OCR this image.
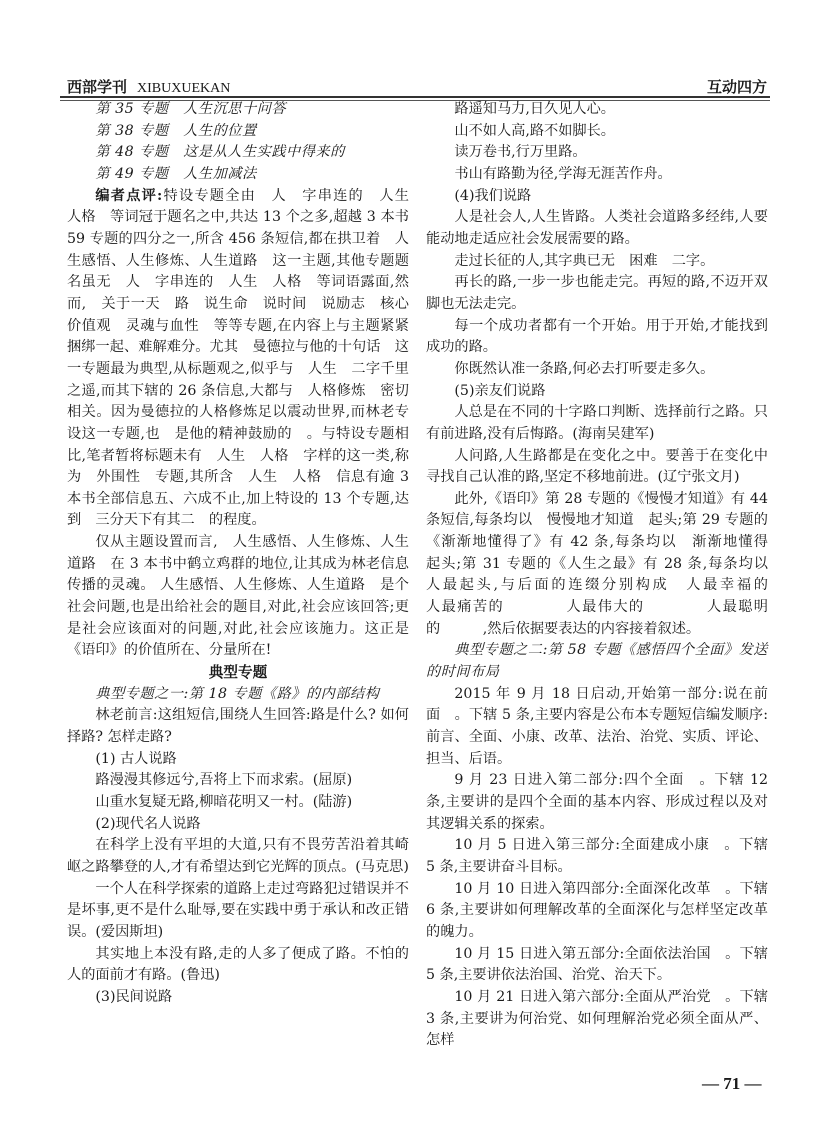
西部学刊 XIBUXUEKAN	互动四方

第 35 专题　人生沉思十问答

第 38 专题　人生的位置

第 48 专题　这是从人生实践中得来的

第 49 专题　人生加减法

编者点评:特设专题全由　人　字串连的　人生　人格　等词冠于题名之中,共达 13 个之多,超越 3 本书 59 专题的四分之一,所含 456 条短信,都在拱卫着　人生感悟、人生修炼、人生道路　这一主题,其他专题题名虽无　人　字串连的　人生　人格　等词语露面,然而,　关于一天　路　说生命　说时间　说励志　核心价值观　灵魂与血性　等等专题,在内容上与主题紧紧捆绑一起、难解难分。尤其　曼德拉与他的十句话　这一专题最为典型,从标题观之,似乎与　人生　二字千里之遥,而其下辖的 26 条信息,大都与　人格修炼　密切相关。因为曼德拉的人格修炼足以震动世界,而林老专设这一专题,也　是他的精神鼓励的　。与特设专题相比,笔者暂将标题未有　人生　人格　字样的这一类,称为　外围性　专题,其所含　人生　人格　信息有逾 3 本书全部信息五、六成不止,加上特设的 13 个专题,达到　三分天下有其二　的程度。

仅从主题设置而言,　人生感悟、人生修炼、人生道路　在 3 本书中鹤立鸡群的地位,让其成为林老信息传播的灵魂。 人生感悟、人生修炼、人生道路　是个社会问题,也是出给社会的题目,对此,社会应该回答;更是社会应该面对的问题,对此,社会应该施力。这正是《语印》的价值所在、分量所在!

典型专题

典型专题之一:第 18 专题《路》的内部结构

林老前言:这组短信,围绕人生回答:路是什么? 如何择路? 怎样走路?

(1) 古人说路

路漫漫其修远兮,吾将上下而求索。(屈原)

山重水复疑无路,柳暗花明又一村。(陆游)

(2)现代名人说路

在科学上没有平坦的大道,只有不畏劳苦沿着其崎岖之路攀登的人,才有希望达到它光辉的顶点。(马克思)

一个人在科学探索的道路上走过弯路犯过错误并不是坏事,更不是什么耻辱,要在实践中勇于承认和改正错误。(爱因斯坦)

其实地上本没有路,走的人多了便成了路。不怕的人的面前才有路。(鲁迅)

(3)民间说路

路遥知马力,日久见人心。

山不如人高,路不如脚长。

读万卷书,行万里路。

书山有路勤为径,学海无涯苦作舟。

(4)我们说路

人是社会人,人生皆路。人类社会道路多经纬,人要能动地走适应社会发展需要的路。

走过长征的人,其字典已无　困难　二字。

再长的路,一步一步也能走完。再短的路,不迈开双脚也无法走完。

每一个成功者都有一个开始。用于开始,才能找到成功的路。

你既然认准一条路,何必去打听要走多久。

(5)亲友们说路

人总是在不同的十字路口判断、选择前行之路。只有前进路,没有后悔路。(海南吴建军)

人问路,人生路都是在变化之中。要善于在变化中寻找自己认准的路,坚定不移地前进。(辽宁张文月)

此外,《语印》第 28 专题的《慢慢才知道》有 44 条短信,每条均以　慢慢地才知道　起头;第 29 专题的《渐渐地懂得了》有 42 条,每条均以　渐渐地懂得　起头;第 31 专题的《人生之最》有 28 条,每条均以　人最起头,与后面的连缀分别构成　人最幸福的　　　　人最痛苦的　　　　人最伟大的　　　　人最聪明的　　　,然后依据要表达的内容接着叙述。

典型专题之二:第 58 专题《感悟四个全面》发送的时间布局

2015 年 9 月 18 日启动,开始第一部分:说在前面　。下辖 5 条,主要内容是公布本专题短信编发顺序:前言、全面、小康、改革、法治、治党、实质、评论、担当、后语。

9 月 23 日进入第二部分:四个全面　。下辖 12 条,主要讲的是四个全面的基本内容、形成过程以及对其逻辑关系的探索。

10 月 5 日进入第三部分:全面建成小康　。下辖 5 条,主要讲奋斗目标。

10 月 10 日进入第四部分:全面深化改革　。下辖 6 条,主要讲如何理解改革的全面深化与怎样坚定改革的魄力。

10 月 15 日进入第五部分:全面依法治国　。下辖 5 条,主要讲依法治国、治党、治天下。

10 月 21 日进入第六部分:全面从严治党　。下辖 3 条,主要讲为何治党、如何理解治党必须全面从严、怎样

— 71 —
